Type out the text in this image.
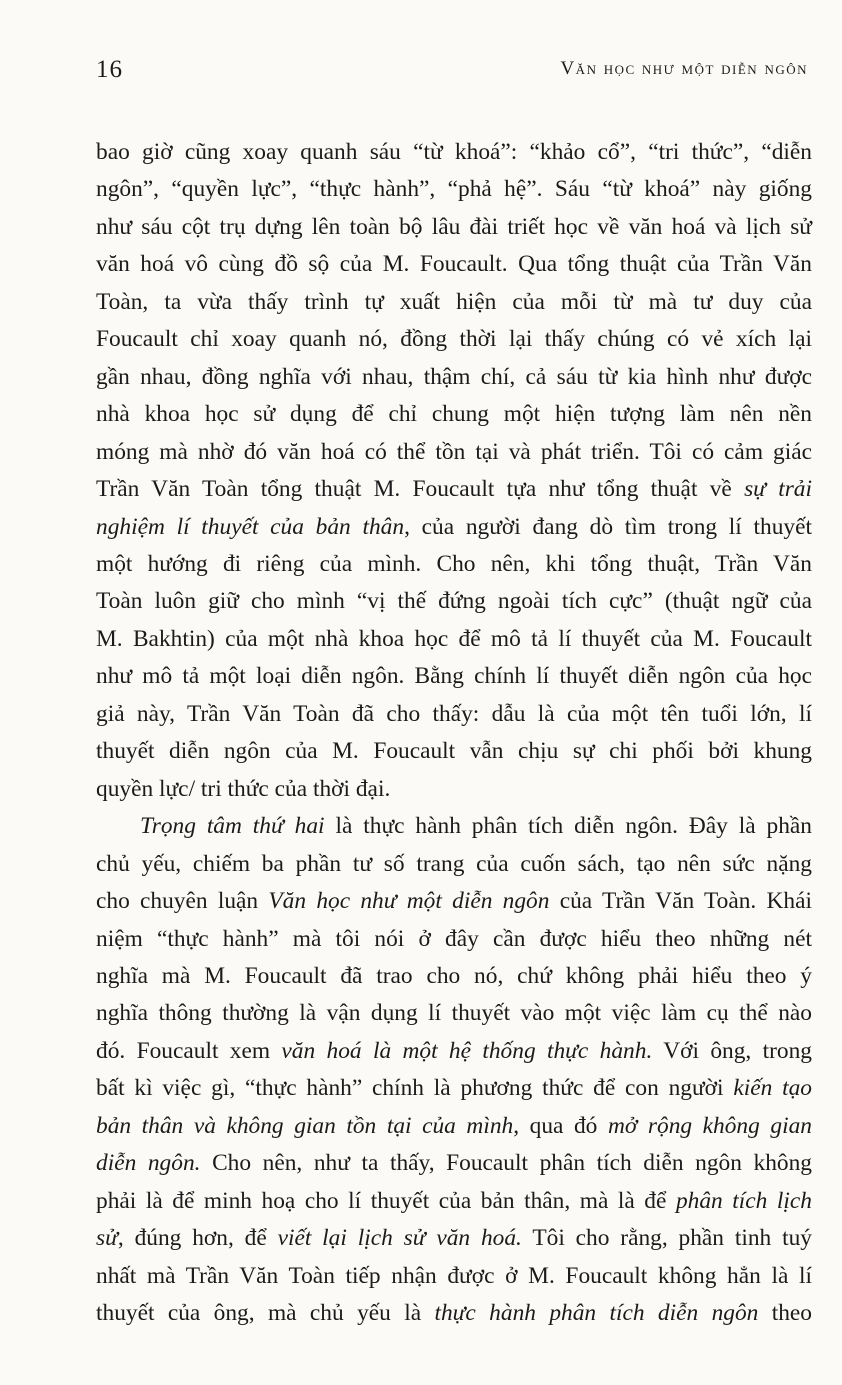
16	Văn học như một diễn ngôn

bao giờ cũng xoay quanh sáu “từ khoá”: “khảo cổ”, “tri thức”, “diễn
ngôn”, “quyền lực”, “thực hành”, “phả hệ”. Sáu “từ khoá” này giống
như sáu cột trụ dựng lên toàn bộ lâu đài triết học về văn hoá và lịch sử
văn hoá vô cùng đồ sộ của M. Foucault. Qua tổng thuật của Trần Văn
Toàn, ta vừa thấy trình tự xuất hiện của mỗi từ mà tư duy của
Foucault chỉ xoay quanh nó, đồng thời lại thấy chúng có vẻ xích lại
gần nhau, đồng nghĩa với nhau, thậm chí, cả sáu từ kia hình như được
nhà khoa học sử dụng để chỉ chung một hiện tượng làm nên nền
móng mà nhờ đó văn hoá có thể tồn tại và phát triển. Tôi có cảm giác
Trần Văn Toàn tổng thuật M. Foucault tựa như tổng thuật về sự trải
nghiệm lí thuyết của bản thân, của người đang dò tìm trong lí thuyết
một hướng đi riêng của mình. Cho nên, khi tổng thuật, Trần Văn
Toàn luôn giữ cho mình “vị thế đứng ngoài tích cực” (thuật ngữ của
M. Bakhtin) của một nhà khoa học để mô tả lí thuyết của M. Foucault
như mô tả một loại diễn ngôn. Bằng chính lí thuyết diễn ngôn của học
giả này, Trần Văn Toàn đã cho thấy: dẫu là của một tên tuổi lớn, lí
thuyết diễn ngôn của M. Foucault vẫn chịu sự chi phối bởi khung
quyền lực/ tri thức của thời đại.

Trọng tâm thứ hai là thực hành phân tích diễn ngôn. Đây là phần
chủ yếu, chiếm ba phần tư số trang của cuốn sách, tạo nên sức nặng
cho chuyên luận Văn học như một diễn ngôn của Trần Văn Toàn. Khái
niệm “thực hành” mà tôi nói ở đây cần được hiểu theo những nét
nghĩa mà M. Foucault đã trao cho nó, chứ không phải hiểu theo ý
nghĩa thông thường là vận dụng lí thuyết vào một việc làm cụ thể nào
đó. Foucault xem văn hoá là một hệ thống thực hành. Với ông, trong
bất kì việc gì, “thực hành” chính là phương thức để con người kiến tạo
bản thân và không gian tồn tại của mình, qua đó mở rộng không gian
diễn ngôn. Cho nên, như ta thấy, Foucault phân tích diễn ngôn không
phải là để minh hoạ cho lí thuyết của bản thân, mà là để phân tích lịch
sử, đúng hơn, để viết lại lịch sử văn hoá. Tôi cho rằng, phần tinh tuý
nhất mà Trần Văn Toàn tiếp nhận được ở M. Foucault không hẳn là lí
thuyết của ông, mà chủ yếu là thực hành phân tích diễn ngôn theo
